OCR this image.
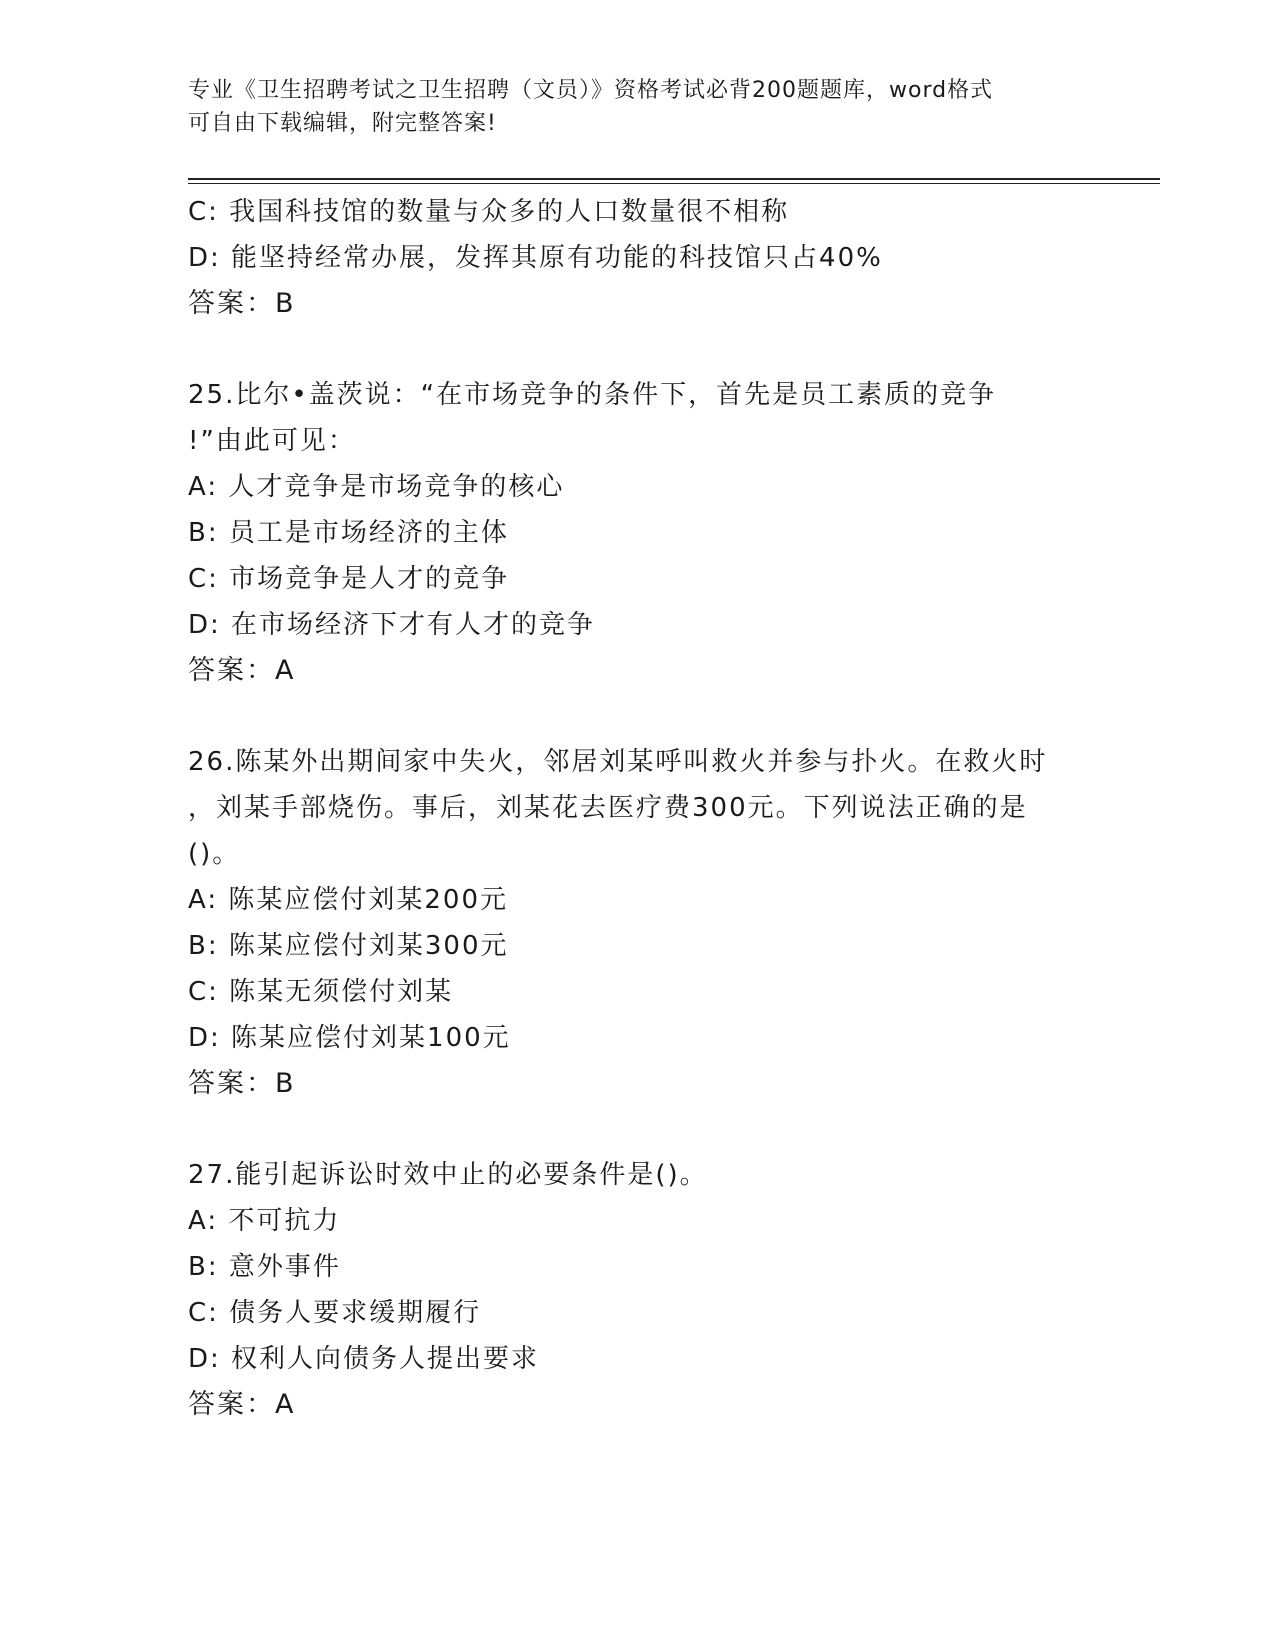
专业《卫生招聘考试之卫生招聘（文员）》资格考试必背200题题库，word格式
可自由下载编辑，附完整答案!
C: 我国科技馆的数量与众多的人口数量很不相称
D: 能坚持经常办展，发挥其原有功能的科技馆只占40%
答案：B
25.比尔•盖茨说：“在市场竞争的条件下，首先是员工素质的竞争
!”由此可见：
A: 人才竞争是市场竞争的核心
B: 员工是市场经济的主体
C: 市场竞争是人才的竞争
D: 在市场经济下才有人才的竞争
答案：A
26.陈某外出期间家中失火，邻居刘某呼叫救火并参与扑火。在救火时
，刘某手部烧伤。事后，刘某花去医疗费300元。下列说法正确的是
()。
A: 陈某应偿付刘某200元
B: 陈某应偿付刘某300元
C: 陈某无须偿付刘某
D: 陈某应偿付刘某100元
答案：B
27.能引起诉讼时效中止的必要条件是()。
A: 不可抗力
B: 意外事件
C: 债务人要求缓期履行
D: 权利人向债务人提出要求
答案：A
